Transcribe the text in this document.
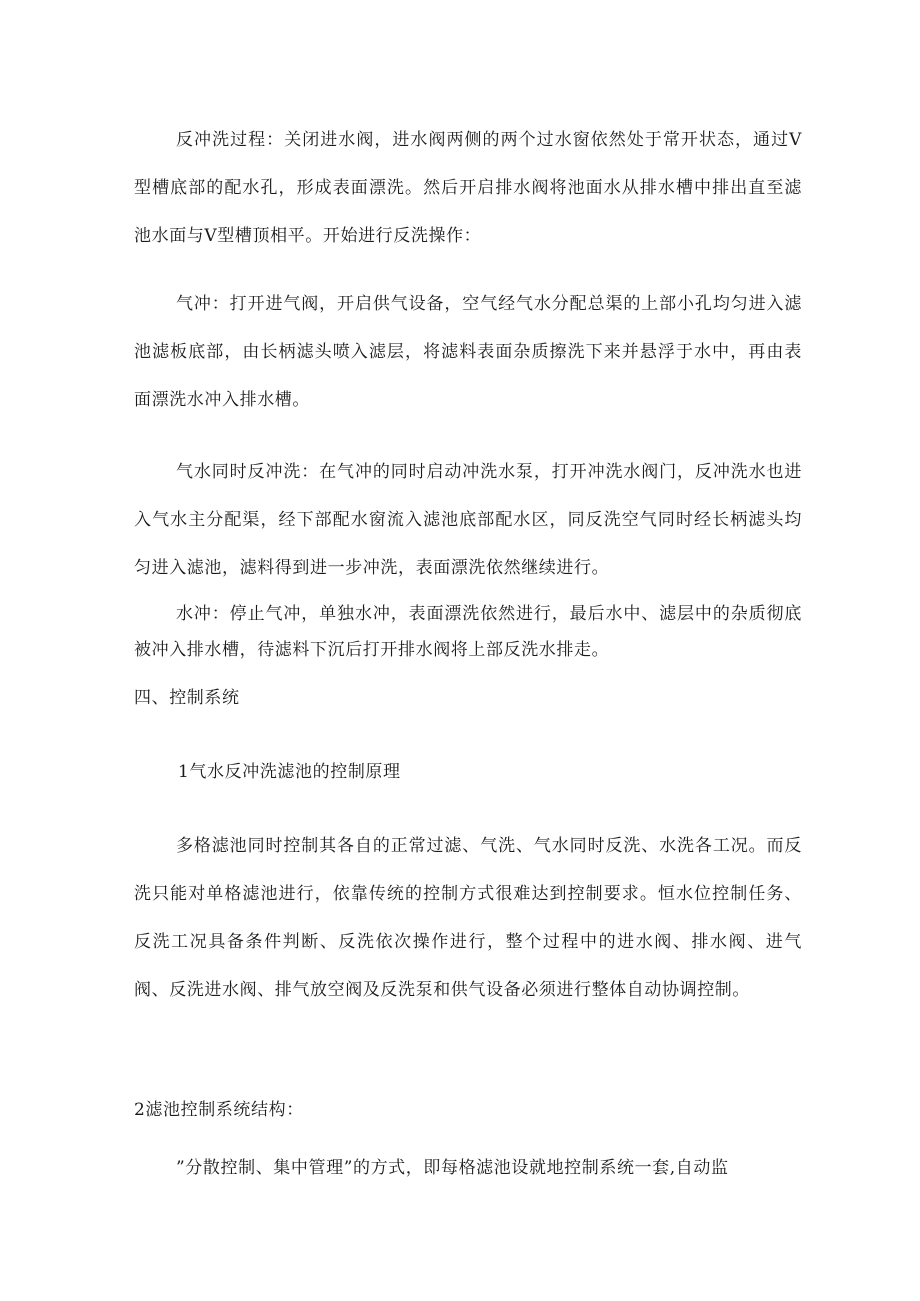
反冲洗过程：关闭进水阀，进水阀两侧的两个过水窗依然处于常开状态，通过V型槽底部的配水孔，形成表面漂洗。然后开启排水阀将池面水从排水槽中排出直至滤池水面与V型槽顶相平。开始进行反洗操作：

气冲：打开进气阀，开启供气设备，空气经气水分配总渠的上部小孔均匀进入滤池滤板底部，由长柄滤头喷入滤层，将滤料表面杂质擦洗下来并悬浮于水中，再由表面漂洗水冲入排水槽。

气水同时反冲洗：在气冲的同时启动冲洗水泵，打开冲洗水阀门，反冲洗水也进入气水主分配渠，经下部配水窗流入滤池底部配水区，同反洗空气同时经长柄滤头均匀进入滤池，滤料得到进一步冲洗，表面漂洗依然继续进行。

水冲：停止气冲，单独水冲，表面漂洗依然进行，最后水中、滤层中的杂质彻底被冲入排水槽，待滤料下沉后打开排水阀将上部反洗水排走。

四、控制系统

1气水反冲洗滤池的控制原理

多格滤池同时控制其各自的正常过滤、气洗、气水同时反洗、水洗各工况。而反洗只能对单格滤池进行，依靠传统的控制方式很难达到控制要求。恒水位控制任务、反洗工况具备条件判断、反洗依次操作进行，整个过程中的进水阀、排水阀、进气阀、反洗进水阀、排气放空阀及反洗泵和供气设备必须进行整体自动协调控制。

2滤池控制系统结构：

”分散控制、集中管理”的方式，即每格滤池设就地控制系统一套,自动监
